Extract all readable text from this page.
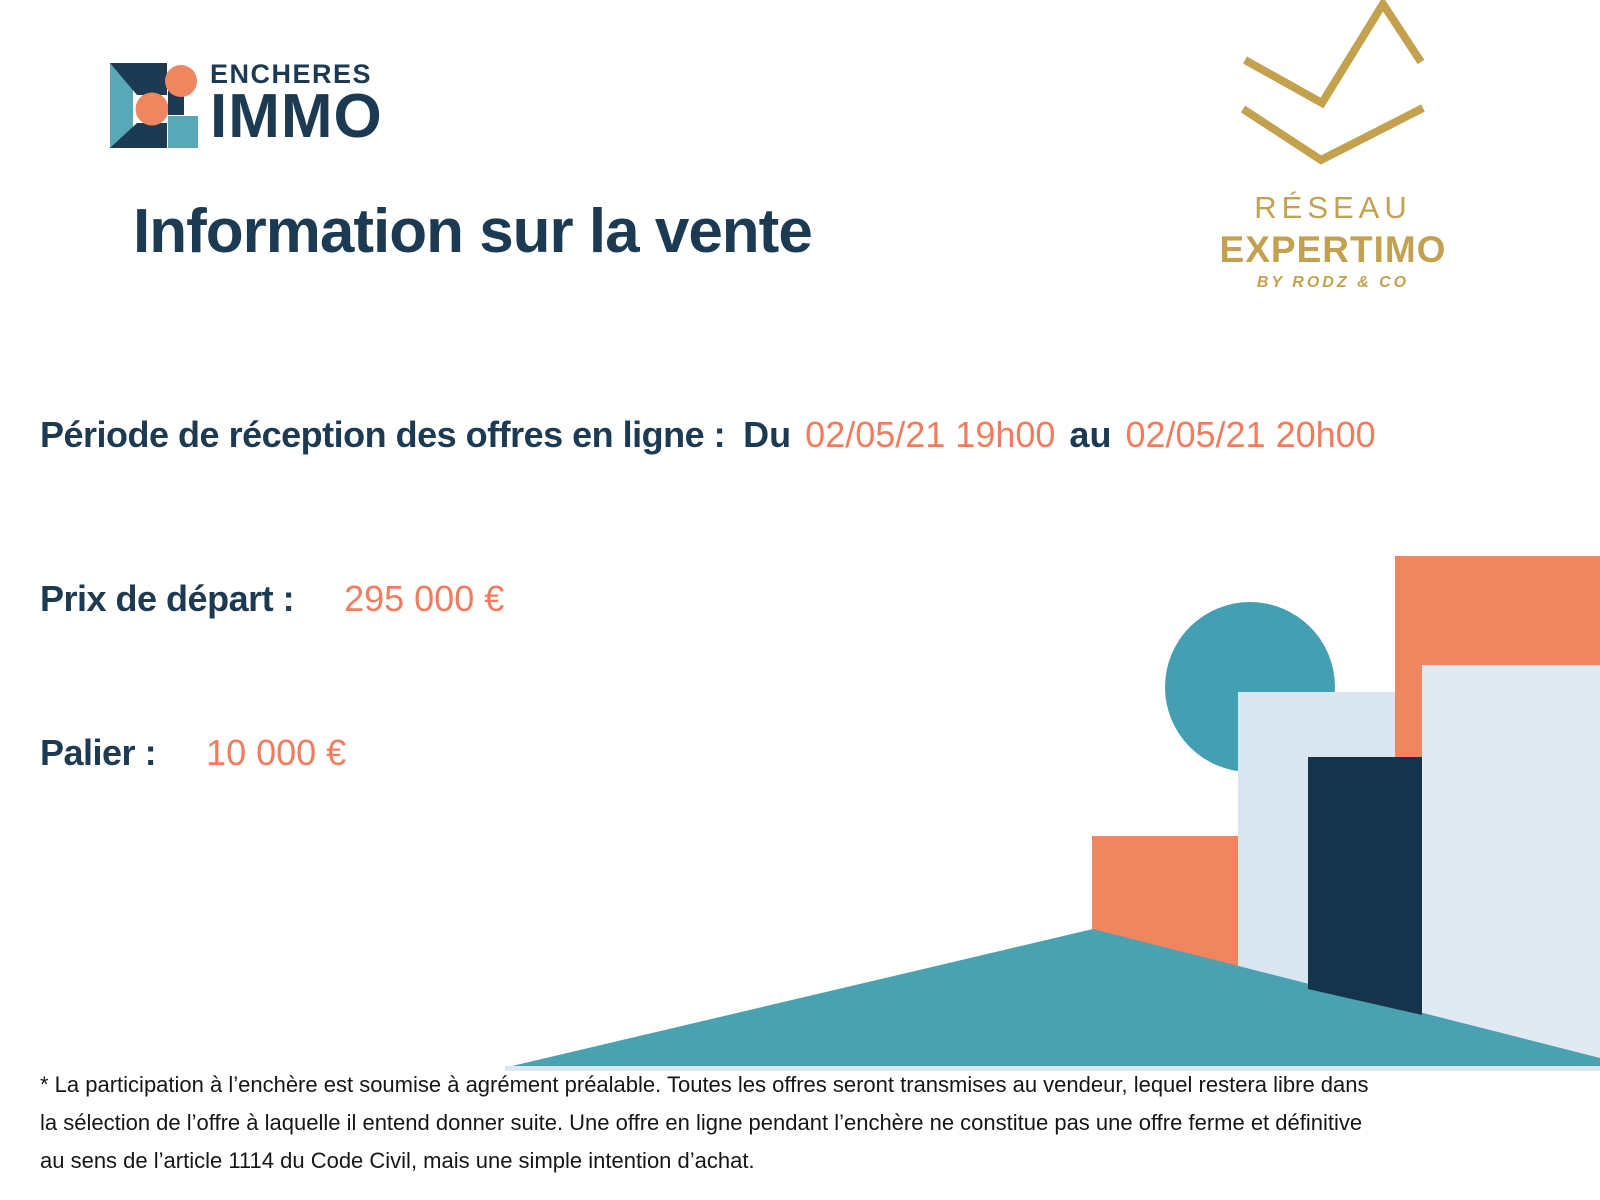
ENCHERES
IMMO
RÉSEAU
EXPERTIMO
BY RODZ & CO
Information sur la vente
Période de réception des offres en ligne : Du 02/05/21 19h00 au 02/05/21 20h00
Prix de départ : 295 000 €
Palier : 10 000 €
* La participation à l’enchère est soumise à agrément préalable. Toutes les offres seront transmises au vendeur, lequel restera libre dans
la sélection de l’offre à laquelle il entend donner suite. Une offre en ligne pendant l’enchère ne constitue pas une offre ferme et définitive
au sens de l’article 1114 du Code Civil, mais une simple intention d’achat.
